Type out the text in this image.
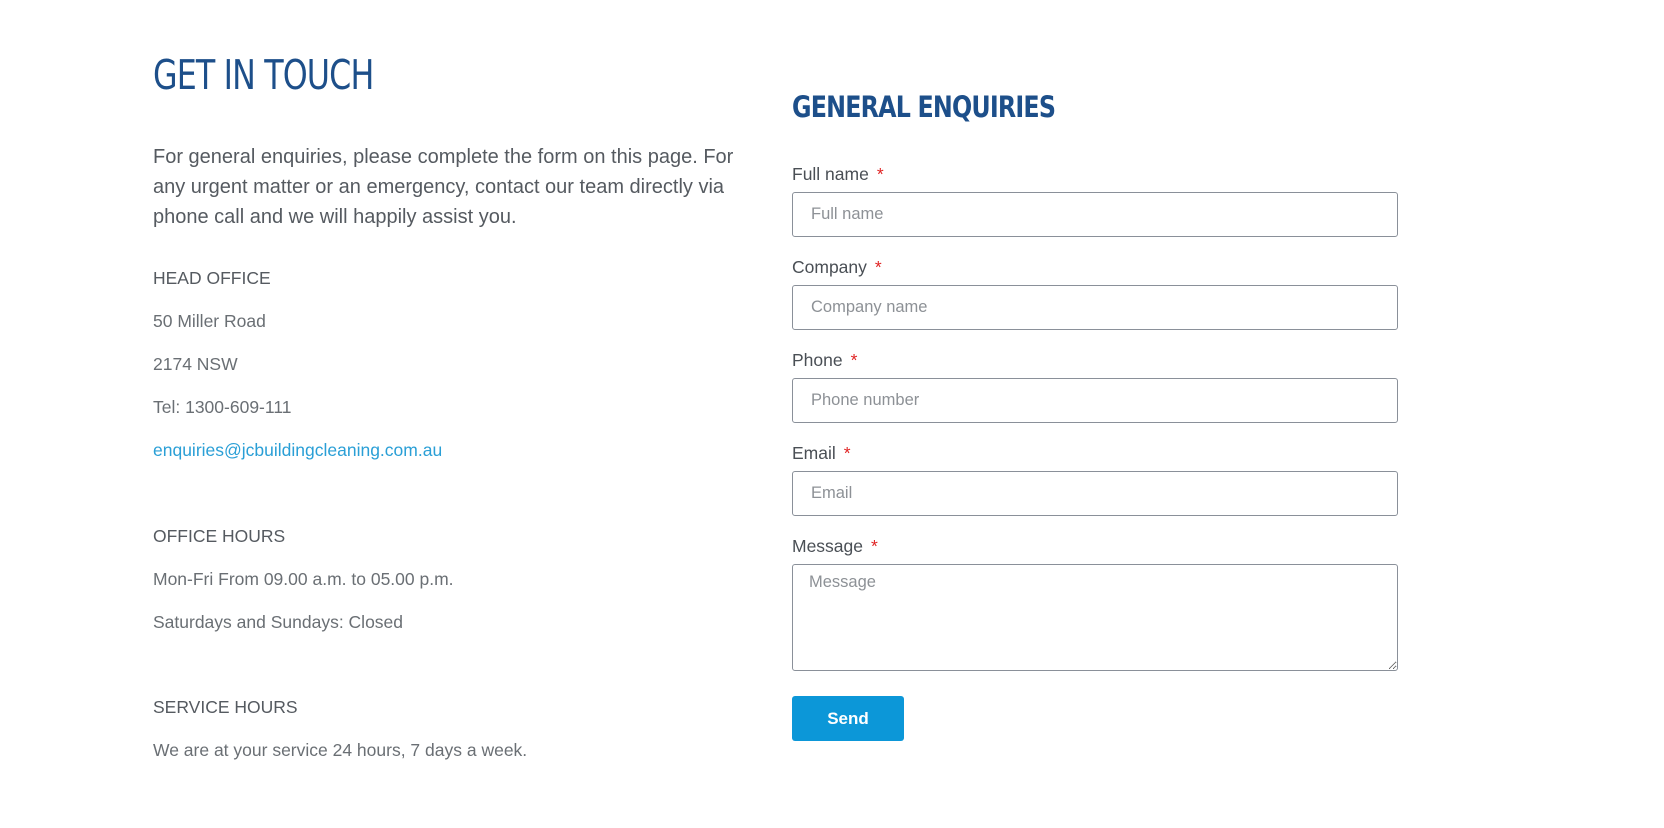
GET IN TOUCH

For general enquiries, please complete the form on this page. For any urgent matter or an emergency, contact our team directly via phone call and we will happily assist you.

HEAD OFFICE
50 Miller Road
2174 NSW
Tel: 1300-609-111
enquiries@jcbuildingcleaning.com.au
OFFICE HOURS
Mon-Fri From 09.00 a.m. to 05.00 p.m.
Saturdays and Sundays: Closed
SERVICE HOURS
We are at your service 24 hours, 7 days a week.
GENERAL ENQUIRIES
Full name *
Full name
Company *
Company name
Phone *
Phone number
Email *
Email
Message *
Message
Send
